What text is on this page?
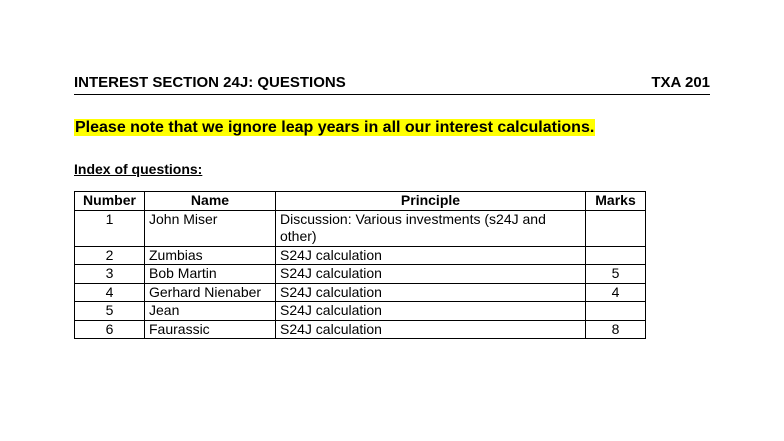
INTEREST SECTION 24J: QUESTIONS	TXA 201
Please note that we ignore leap years in all our interest calculations.
Index of questions:
Number	Name	Principle	Marks
1	John Miser	Discussion: Various investments (s24J and other)	
2	Zumbias	S24J calculation	
3	Bob Martin	S24J calculation	5
4	Gerhard Nienaber	S24J calculation	4
5	Jean	S24J calculation	
6	Faurassic	S24J calculation	8
